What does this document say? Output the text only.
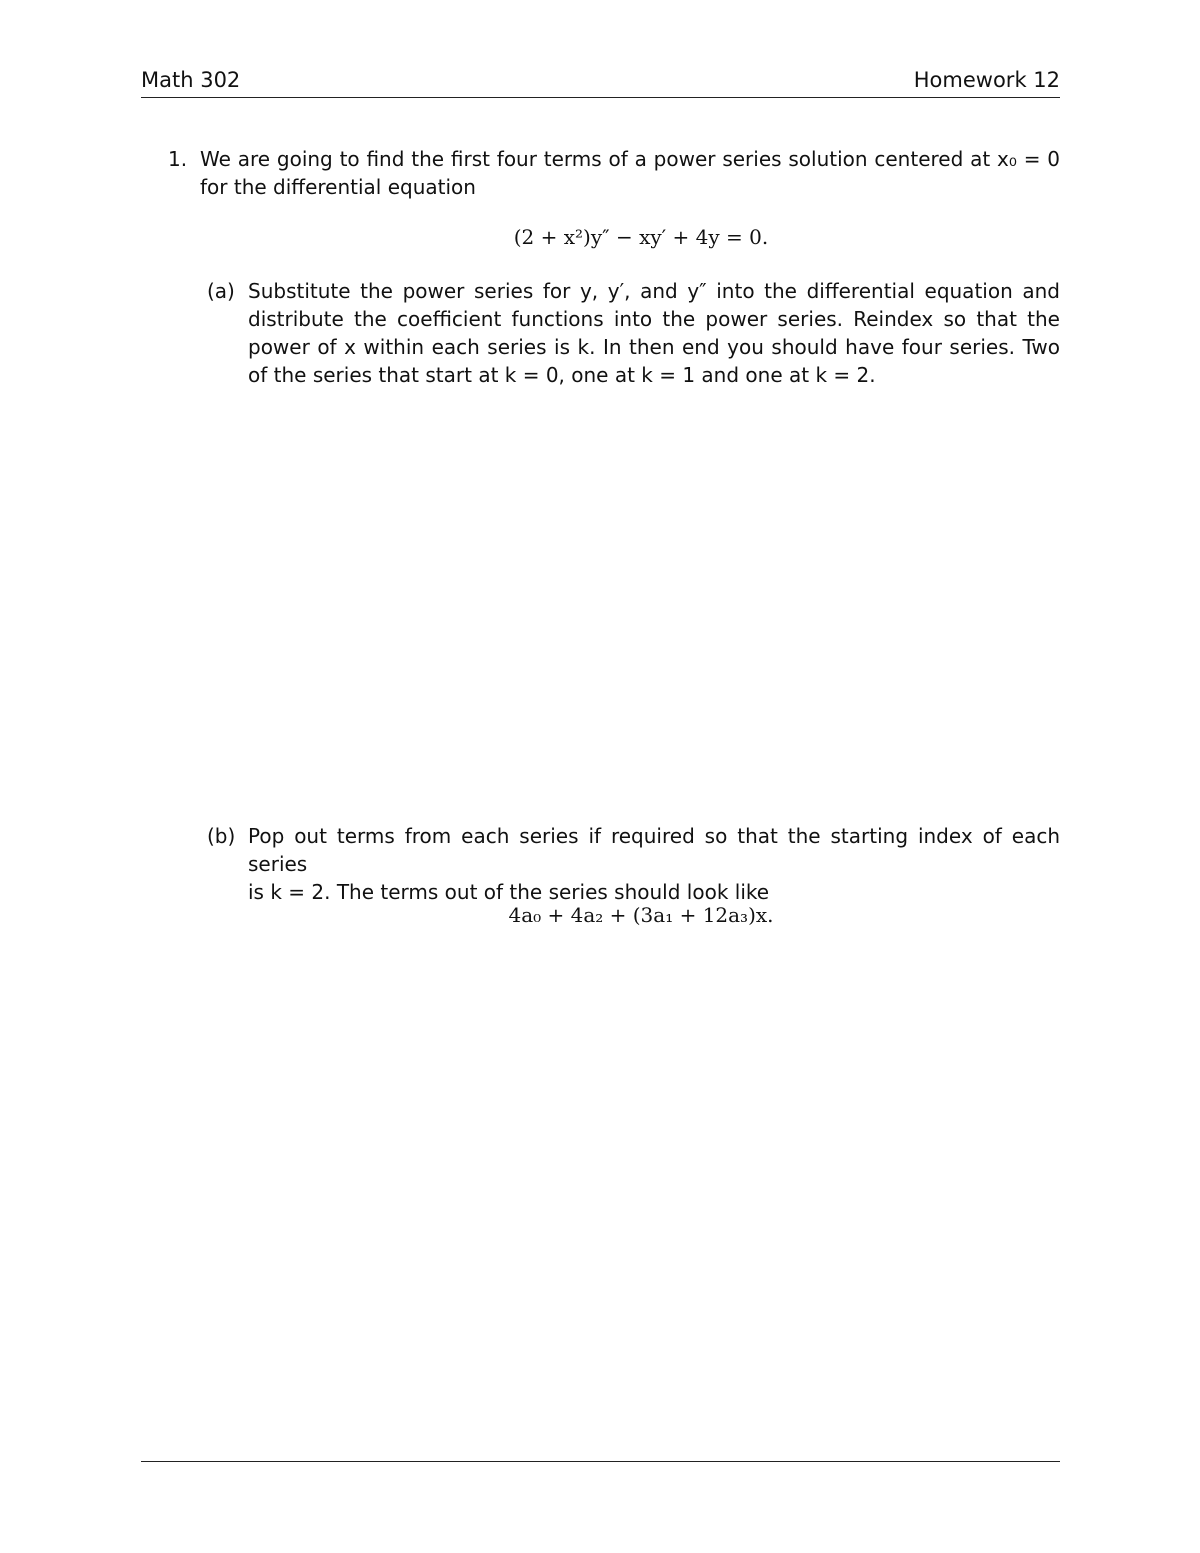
Math 302	Homework 12
1. We are going to find the first four terms of a power series solution centered at x₀ = 0
for the differential equation
(2 + x²)y″ − xy′ + 4y = 0.
(a) Substitute the power series for y, y′, and y″ into the differential equation and
distribute the coefficient functions into the power series. Reindex so that the
power of x within each series is k. In then end you should have four series. Two
of the series that start at k = 0, one at k = 1 and one at k = 2.
(b) Pop out terms from each series if required so that the starting index of each series
is k = 2. The terms out of the series should look like
4a₀ + 4a₂ + (3a₁ + 12a₃)x.
